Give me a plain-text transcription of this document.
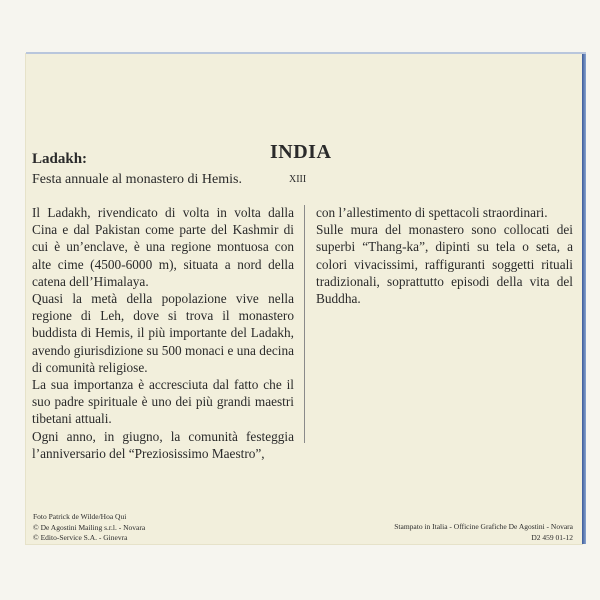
INDIA
Ladakh:
Festa annuale al monastero di Hemis.	XIII

Il Ladakh, rivendicato di volta in volta dalla Cina e dal Pakistan come parte del Kashmir di cui è un’enclave, è una regione montuosa con alte cime (4500-6000 m), situata a nord della catena dell’Himalaya.

Quasi la metà della popolazione vive nella regione di Leh, dove si trova il monastero buddista di Hemis, il più importante del Ladakh, avendo giurisdizione su 500 monaci e una decina di comunità religiose.

La sua importanza è accresciuta dal fatto che il suo padre spirituale è uno dei più grandi maestri tibetani attuali.

Ogni anno, in giugno, la comunità festeggia l’anniversario del “Preziosissimo Maestro”,

con l’allestimento di spettacoli straordinari.

Sulle mura del monastero sono collocati dei superbi “Thang-ka”, dipinti su tela o seta, a colori vivacissimi, raffiguranti soggetti rituali tradizionali, soprattutto episodi della vita del Buddha.

Foto Patrick de Wilde/Hoa Qui
© De Agostini Mailing s.r.l. - Novara
© Edito-Service S.A. - Ginevra
Stampato in Italia - Officine Grafiche De Agostini - Novara
D2 459 01-12
